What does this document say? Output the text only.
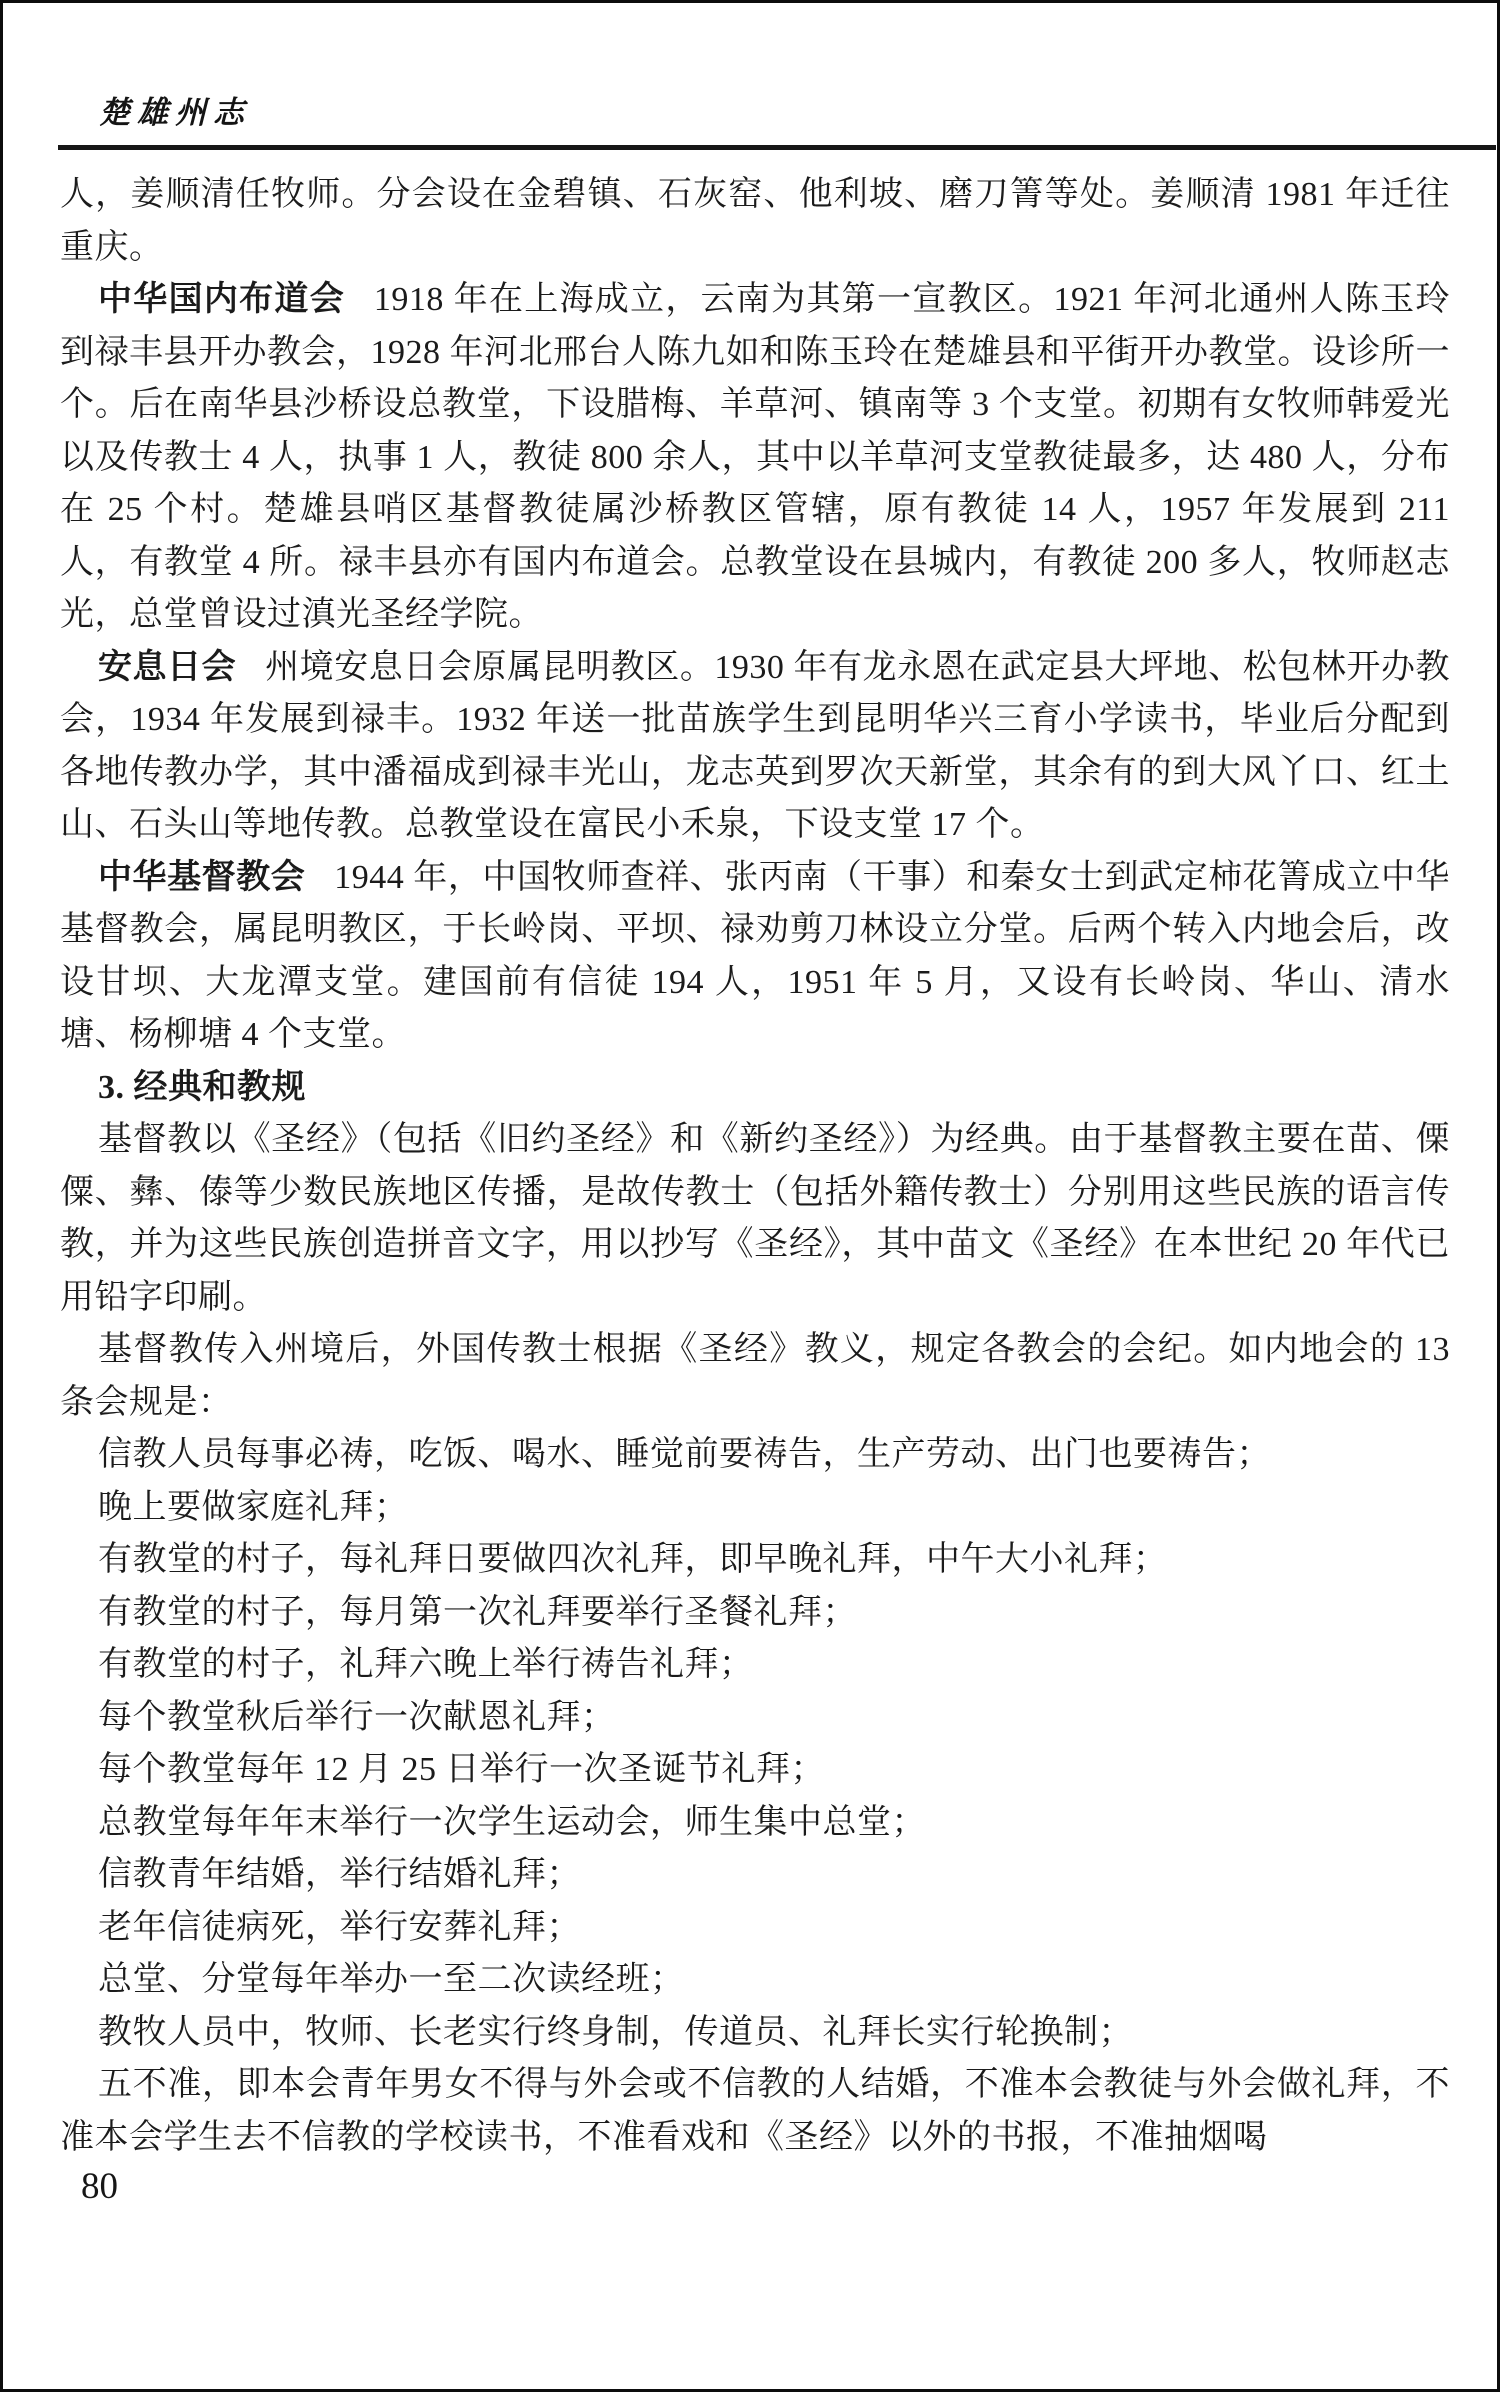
楚雄州志

人，姜顺清任牧师。分会设在金碧镇、石灰窑、他利坡、磨刀箐等处。姜顺清 1981 年迁往重庆。

中华国内布道会 1918 年在上海成立，云南为其第一宣教区。1921 年河北通州人陈玉玲到禄丰县开办教会，1928 年河北邢台人陈九如和陈玉玲在楚雄县和平街开办教堂。设诊所一个。后在南华县沙桥设总教堂，下设腊梅、羊草河、镇南等 3 个支堂。初期有女牧师韩爱光以及传教士 4 人，执事 1 人，教徒 800 余人，其中以羊草河支堂教徒最多，达 480 人，分布在 25 个村。楚雄县哨区基督教徒属沙桥教区管辖，原有教徒 14 人，1957 年发展到 211 人，有教堂 4 所。禄丰县亦有国内布道会。总教堂设在县城内，有教徒 200 多人，牧师赵志光，总堂曾设过滇光圣经学院。

安息日会 州境安息日会原属昆明教区。1930 年有龙永恩在武定县大坪地、松包林开办教会，1934 年发展到禄丰。1932 年送一批苗族学生到昆明华兴三育小学读书，毕业后分配到各地传教办学，其中潘福成到禄丰光山，龙志英到罗次天新堂，其余有的到大风丫口、红土山、石头山等地传教。总教堂设在富民小禾泉，下设支堂 17 个。

中华基督教会 1944 年，中国牧师查祥、张丙南（干事）和秦女士到武定柿花箐成立中华基督教会，属昆明教区，于长岭岗、平坝、禄劝剪刀林设立分堂。后两个转入内地会后，改设甘坝、大龙潭支堂。建国前有信徒 194 人，1951 年 5 月，又设有长岭岗、华山、清水塘、杨柳塘 4 个支堂。

3. 经典和教规

基督教以《圣经》（包括《旧约圣经》和《新约圣经》）为经典。由于基督教主要在苗、傈僳、彝、傣等少数民族地区传播，是故传教士（包括外籍传教士）分别用这些民族的语言传教，并为这些民族创造拼音文字，用以抄写《圣经》，其中苗文《圣经》在本世纪 20 年代已用铅字印刷。

基督教传入州境后，外国传教士根据《圣经》教义，规定各教会的会纪。如内地会的 13 条会规是：

信教人员每事必祷，吃饭、喝水、睡觉前要祷告，生产劳动、出门也要祷告；

晚上要做家庭礼拜；

有教堂的村子，每礼拜日要做四次礼拜，即早晚礼拜，中午大小礼拜；

有教堂的村子，每月第一次礼拜要举行圣餐礼拜；

有教堂的村子，礼拜六晚上举行祷告礼拜；

每个教堂秋后举行一次献恩礼拜；

每个教堂每年 12 月 25 日举行一次圣诞节礼拜；

总教堂每年年末举行一次学生运动会，师生集中总堂；

信教青年结婚，举行结婚礼拜；

老年信徒病死，举行安葬礼拜；

总堂、分堂每年举办一至二次读经班；

教牧人员中，牧师、长老实行终身制，传道员、礼拜长实行轮换制；

五不准，即本会青年男女不得与外会或不信教的人结婚，不准本会教徒与外会做礼拜，不准本会学生去不信教的学校读书，不准看戏和《圣经》以外的书报，不准抽烟喝

80
